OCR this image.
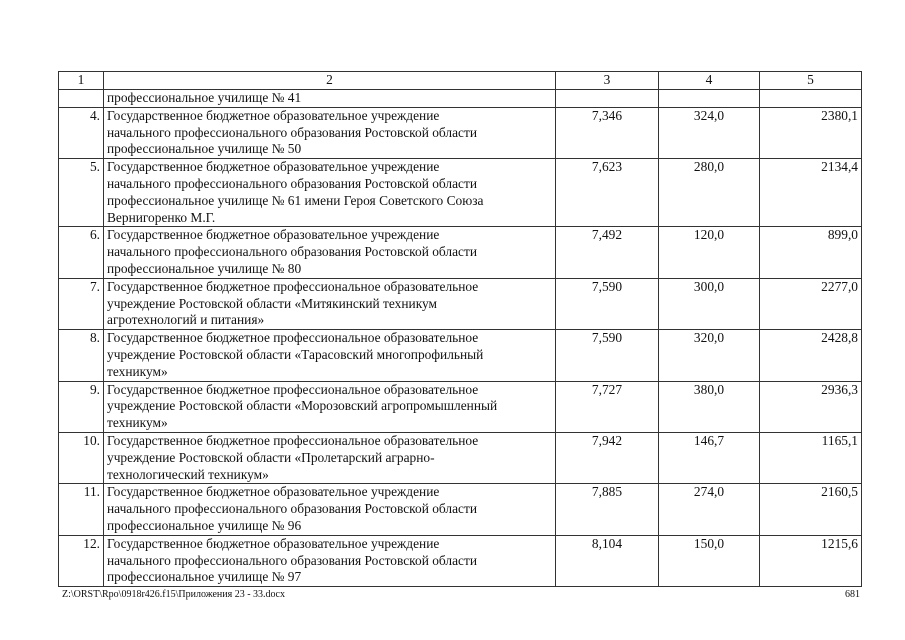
1	2	3	4	5
	профессиональное училище № 41			
4.	Государственное бюджетное образовательное учреждение
начального профессионального образования Ростовской области
профессиональное училище № 50	7,346	324,0	2380,1
5.	Государственное бюджетное образовательное учреждение
начального профессионального образования Ростовской области
профессиональное училище № 61 имени Героя Советского Союза
Вернигоренко М.Г.	7,623	280,0	2134,4
6.	Государственное бюджетное образовательное учреждение
начального профессионального образования Ростовской области
профессиональное училище № 80	7,492	120,0	899,0
7.	Государственное бюджетное профессиональное образовательное
учреждение Ростовской области «Митякинский техникум
агротехнологий и питания»	7,590	300,0	2277,0
8.	Государственное бюджетное профессиональное образовательное
учреждение Ростовской области «Тарасовский многопрофильный
техникум»	7,590	320,0	2428,8
9.	Государственное бюджетное профессиональное образовательное
учреждение Ростовской области «Морозовский агропромышленный
техникум»	7,727	380,0	2936,3
10.	Государственное бюджетное профессиональное образовательное
учреждение Ростовской области «Пролетарский аграрно-
технологический техникум»	7,942	146,7	1165,1
11.	Государственное бюджетное образовательное учреждение
начального профессионального образования Ростовской области
профессиональное училище № 96	7,885	274,0	2160,5
12.	Государственное бюджетное образовательное учреждение
начального профессионального образования Ростовской области
профессиональное училище № 97	8,104	150,0	1215,6
Z:\ORST\Rpo\0918r426.f15\Приложения 23 - 33.docx	681
